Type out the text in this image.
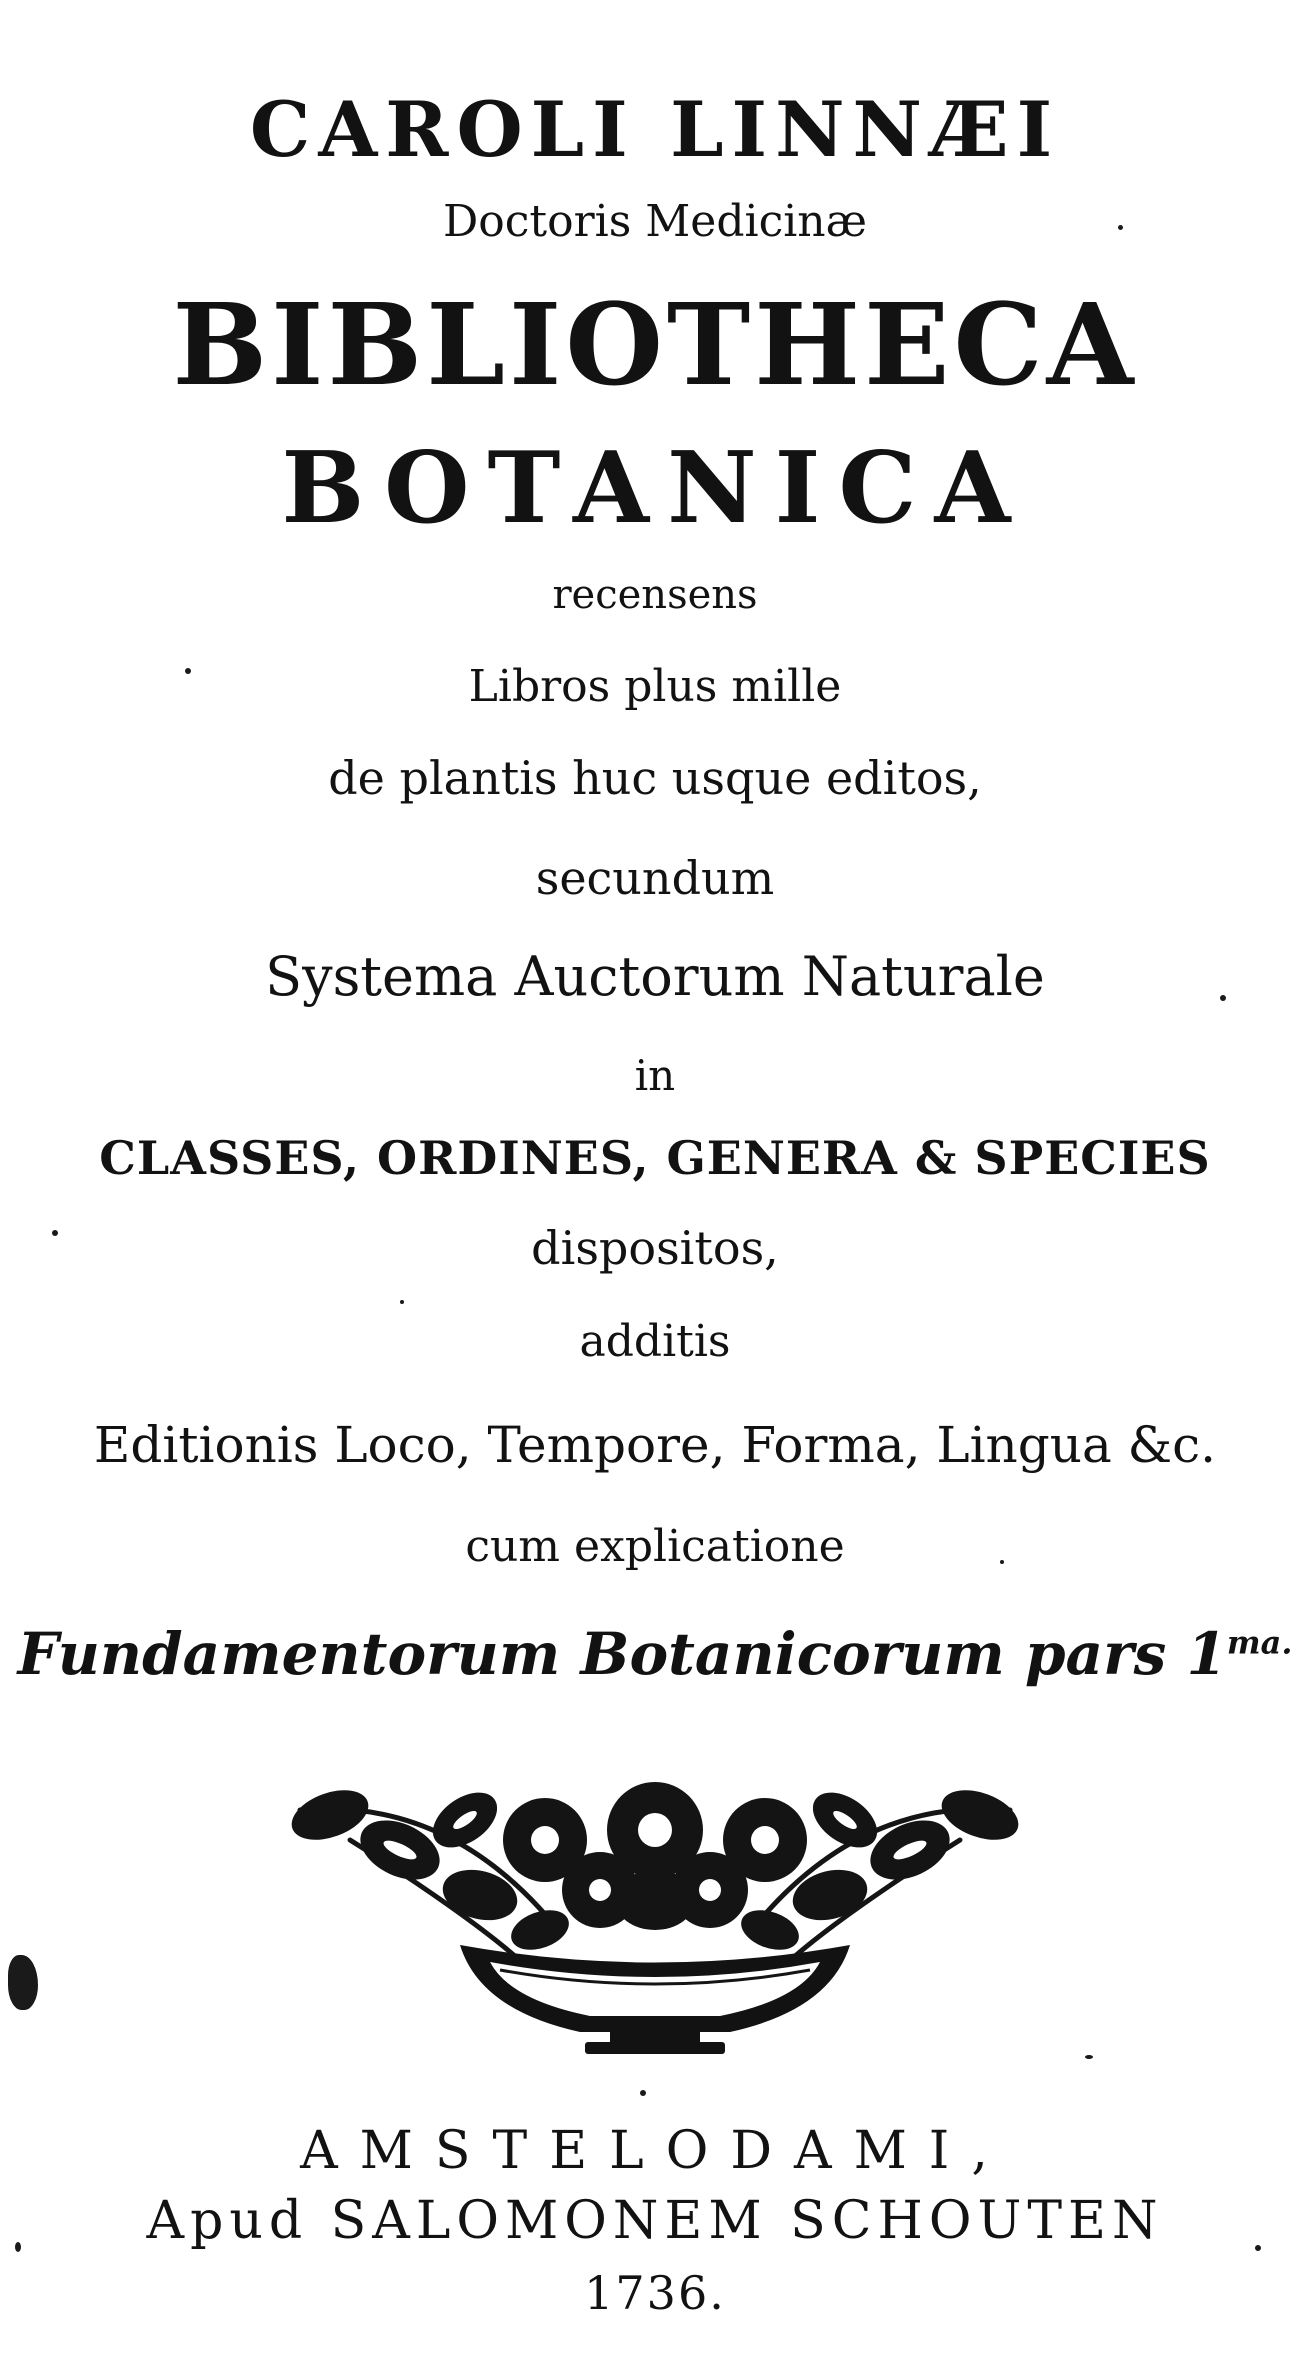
CAROLI LINNÆI
Doctoris Medicinæ
BIBLIOTHECA
BOTANICA
recensens
Libros plus mille
de plantis huc usque editos,
secundum
Systema Auctorum Naturale
in
CLASSES, ORDINES, GENERA & SPECIES
dispositos,
additis
Editionis Loco, Tempore, Forma, Lingua &c.
cum explicatione
Fundamentorum Botanicorum pars $1^{ma.}$
AMSTELODAMI,
Apud SALOMONEM SCHOUTEN
1736.
